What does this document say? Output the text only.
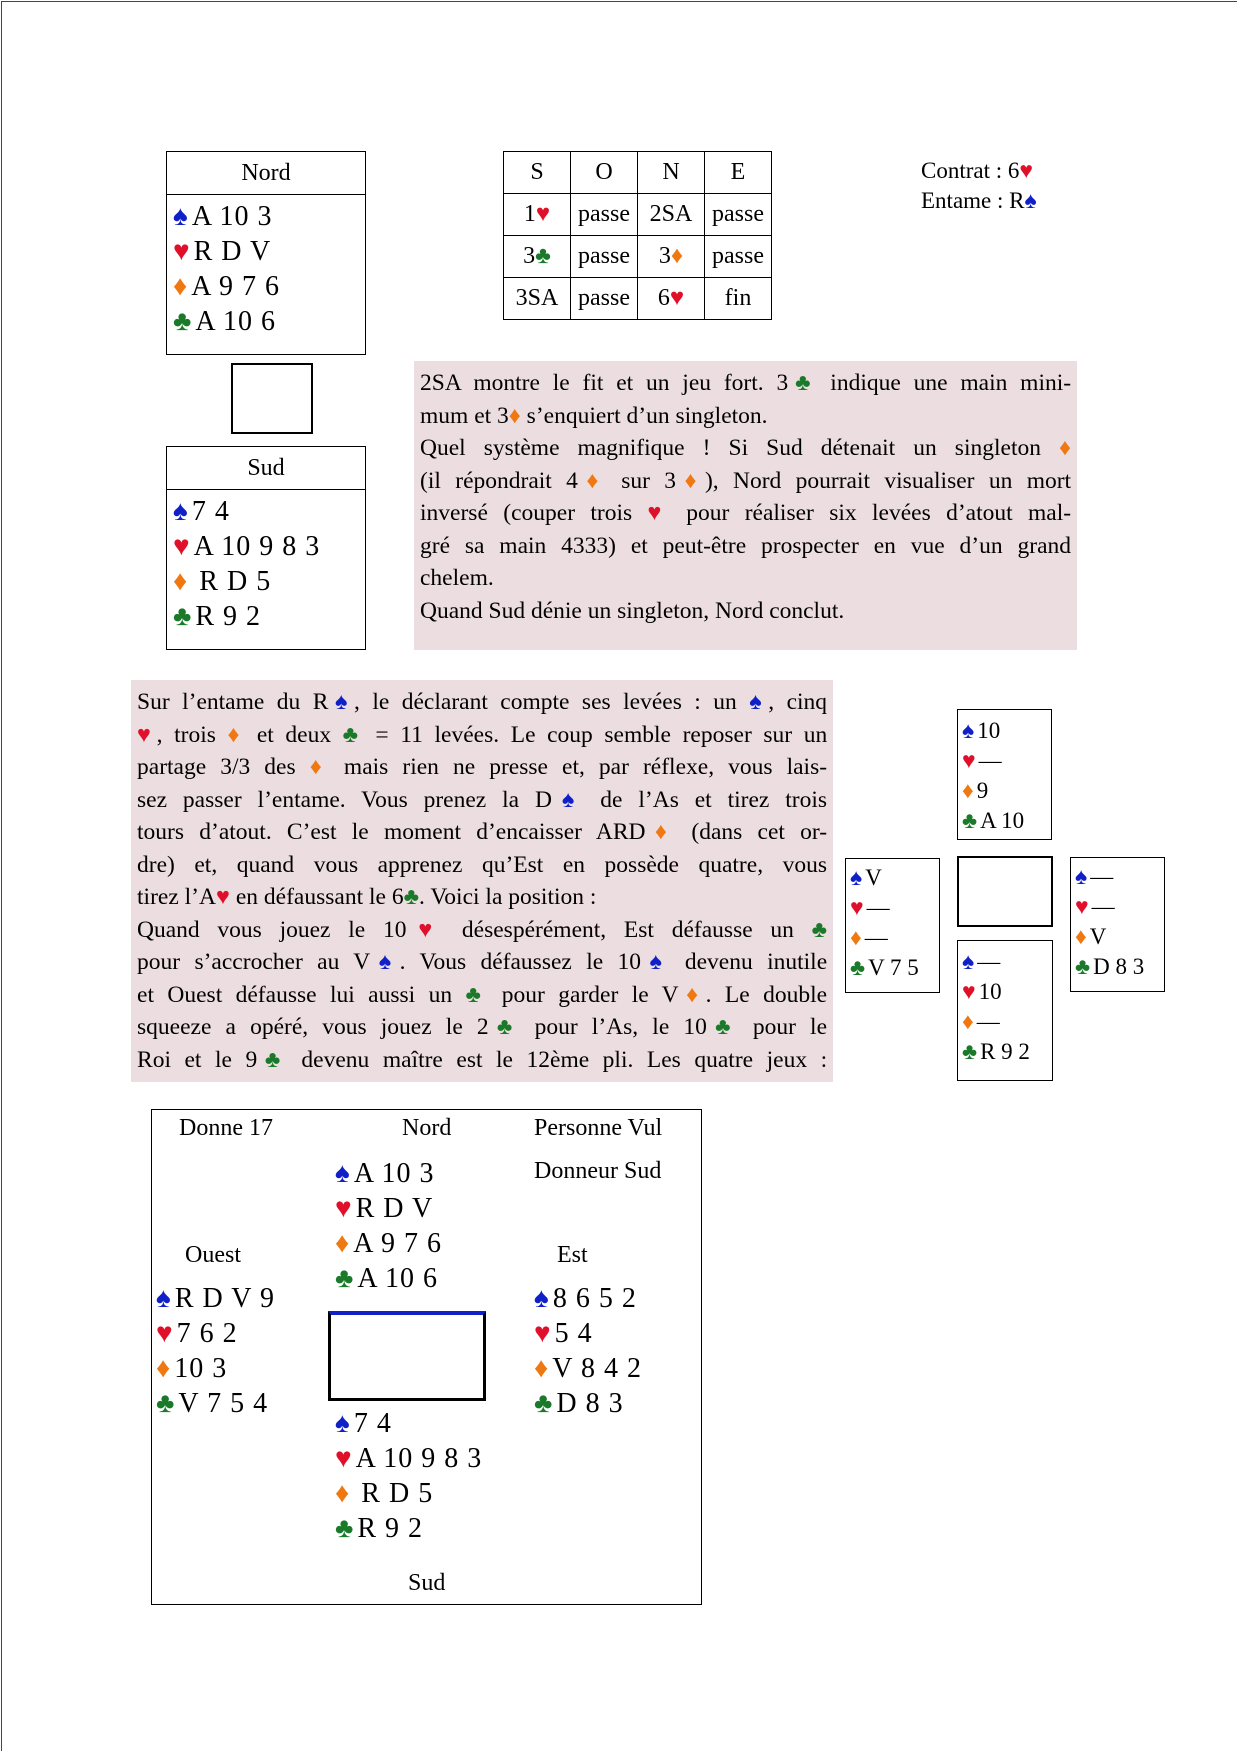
Nord
♠ A 10 3
♥ R D V
♦ A 9 7 6
♣ A 10 6
Sud
♠ 7 4
♥ A 10 9 8 3
♦ R D 5
♣ R 9 2
S	O	N	E
1♥	passe	2SA	passe
3♣	passe	3♦	passe
3SA	passe	6♥	fin
Contrat : 6♥
Entame : R♠

2SA montre le fit et un jeu fort. 3♣ indique une main mini-
mum et 3♦ s’enquiert d’un singleton.
Quel système magnifique ! Si Sud détenait un singleton ♦
(il répondrait 4♦ sur 3♦), Nord pourrait visualiser un mort
inversé (couper trois ♥ pour réaliser six levées d’atout mal-
gré sa main 4333) et peut-être prospecter en vue d’un grand
chelem.
Quand Sud dénie un singleton, Nord conclut.

Sur l’entame du R♠, le déclarant compte ses levées : un ♠, cinq
♥, trois ♦ et deux ♣ = 11 levées. Le coup semble reposer sur un
partage 3/3 des ♦ mais rien ne presse et, par réflexe, vous lais-
sez passer l’entame. Vous prenez la D♠ de l’As et tirez trois
tours d’atout. C’est le moment d’encaisser ARD♦ (dans cet or-
dre) et, quand vous apprenez qu’Est en possède quatre, vous
tirez l’A♥ en défaussant le 6♣. Voici la position :
Quand vous jouez le 10♥ désespérément, Est défausse un ♣
pour s’accrocher au V♠. Vous défaussez le 10♠ devenu inutile
et Ouest défausse lui aussi un ♣ pour garder le V♦. Le double
squeeze a opéré, vous jouez le 2♣ pour l’As, le 10♣ pour le
Roi et le 9♣ devenu maître est le 12ème pli. Les quatre jeux :

♠ 10
♥ —
♦ 9
♣ A 10
♠ V
♥ —
♦ —
♣ V 7 5
♠ —
♥ —
♦ V
♣ D 8 3
♠ —
♥ 10
♦ —
♣ R 9 2
Donne 17	Nord	Personne Vul
Donneur Sud
Ouest	Est
Sud
♠ A 10 3
♥ R D V
♦ A 9 7 6
♣ A 10 6
♠ R D V 9
♥ 7 6 2
♦ 10 3
♣ V 7 5 4
♠ 8 6 5 2
♥ 5 4
♦ V 8 4 2
♣ D 8 3
♠ 7 4
♥ A 10 9 8 3
♦ R D 5
♣ R 9 2
